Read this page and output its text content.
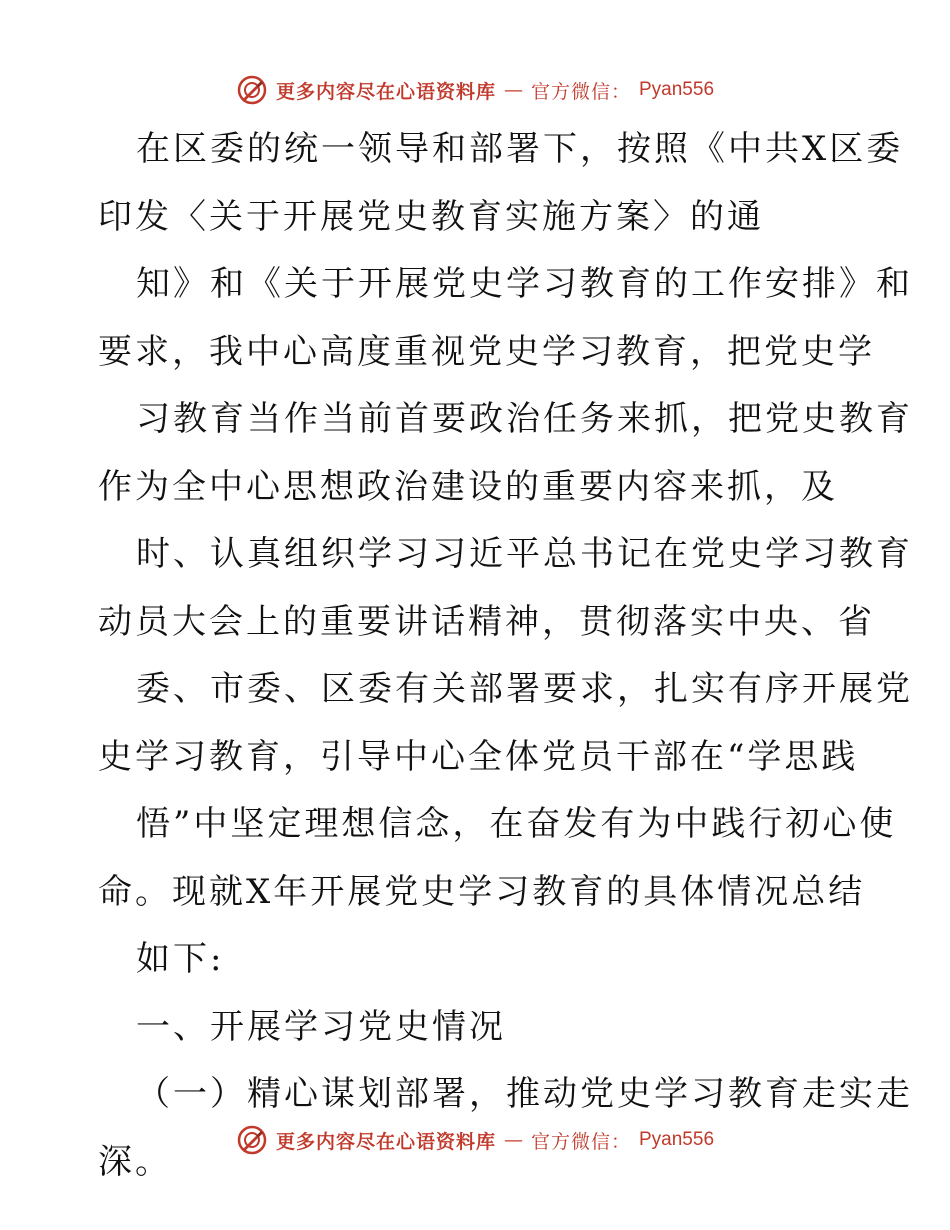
更多内容尽在心语资料库 — 官方微信： Pyan556
在区委的统一领导和部署下，按照《中共X区委
印发〈关于开展党史教育实施方案〉的通
知》和《关于开展党史学习教育的工作安排》和
要求，我中心高度重视党史学习教育，把党史学
习教育当作当前首要政治任务来抓，把党史教育
作为全中心思想政治建设的重要内容来抓，及
时、认真组织学习习近平总书记在党史学习教育
动员大会上的重要讲话精神，贯彻落实中央、省
委、市委、区委有关部署要求，扎实有序开展党
史学习教育，引导中心全体党员干部在“学思践
悟”中坚定理想信念，在奋发有为中践行初心使
命。现就X年开展党史学习教育的具体情况总结
如下:
一、开展学习党史情况
（一）精心谋划部署，推动党史学习教育走实走
深。	更多内容尽在心语资料库 — 官方微信： Pyan556
